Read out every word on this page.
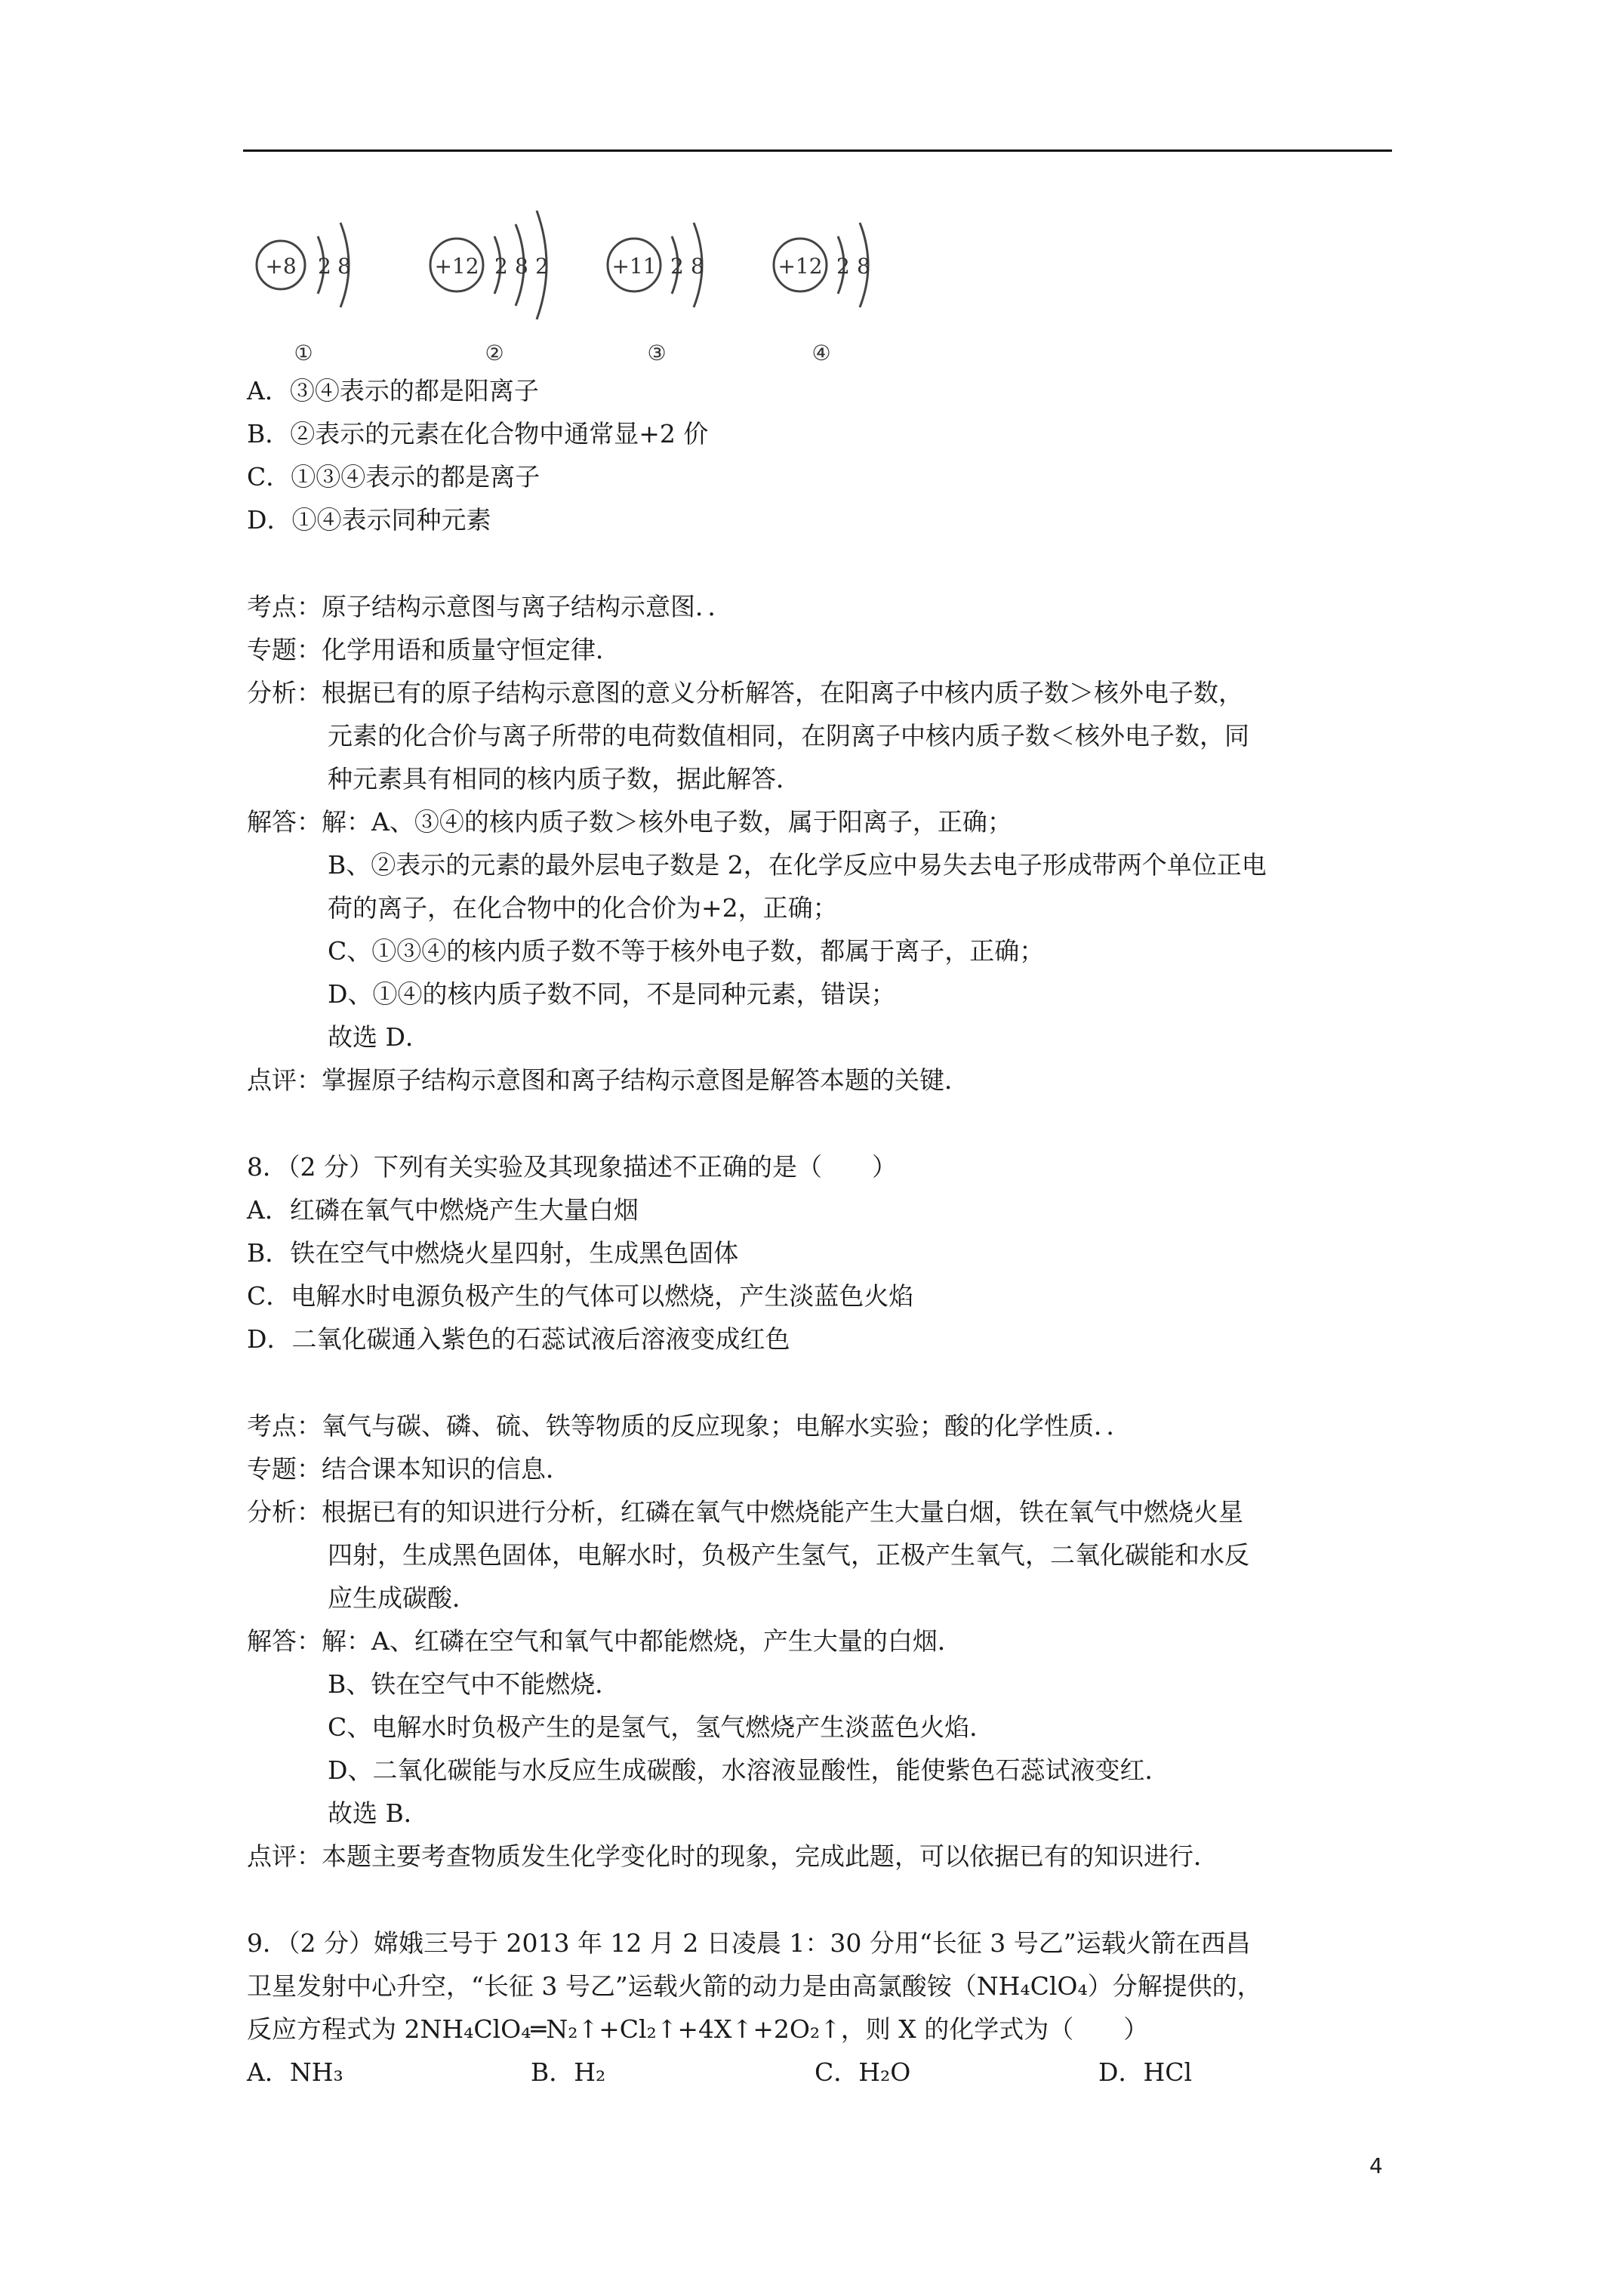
+8 2 8
①
+12 2 8 2
②
+11 2 8
③
+12 2 8
④
A．③④表示的都是阳离子
B．②表示的元素在化合物中通常显+2 价
C．①③④表示的都是离子
D．①④表示同种元素
考点：原子结构示意图与离子结构示意图．．
专题：化学用语和质量守恒定律．
分析：根据已有的原子结构示意图的意义分析解答，在阳离子中核内质子数＞核外电子数，
元素的化合价与离子所带的电荷数值相同，在阴离子中核内质子数＜核外电子数，同
种元素具有相同的核内质子数，据此解答．
解答：解：A、③④的核内质子数＞核外电子数，属于阳离子，正确；
B、②表示的元素的最外层电子数是 2，在化学反应中易失去电子形成带两个单位正电
荷的离子，在化合物中的化合价为+2，正确；
C、①③④的核内质子数不等于核外电子数，都属于离子，正确；
D、①④的核内质子数不同，不是同种元素，错误；
故选 D．
点评：掌握原子结构示意图和离子结构示意图是解答本题的关键．
8．（2 分）下列有关实验及其现象描述不正确的是（　　）
A．红磷在氧气中燃烧产生大量白烟
B．铁在空气中燃烧火星四射，生成黑色固体
C．电解水时电源负极产生的气体可以燃烧，产生淡蓝色火焰
D．二氧化碳通入紫色的石蕊试液后溶液变成红色
考点：氧气与碳、磷、硫、铁等物质的反应现象；电解水实验；酸的化学性质．．
专题：结合课本知识的信息．
分析：根据已有的知识进行分析，红磷在氧气中燃烧能产生大量白烟，铁在氧气中燃烧火星
四射，生成黑色固体，电解水时，负极产生氢气，正极产生氧气，二氧化碳能和水反
应生成碳酸．
解答：解：A、红磷在空气和氧气中都能燃烧，产生大量的白烟．
B、铁在空气中不能燃烧．
C、电解水时负极产生的是氢气，氢气燃烧产生淡蓝色火焰．
D、二氧化碳能与水反应生成碳酸，水溶液显酸性，能使紫色石蕊试液变红．
故选 B．
点评：本题主要考查物质发生化学变化时的现象，完成此题，可以依据已有的知识进行．
9．（2 分）嫦娥三号于 2013 年 12 月 2 日凌晨 1：30 分用“长征 3 号乙”运载火箭在西昌
卫星发射中心升空，“长征 3 号乙”运载火箭的动力是由高氯酸铵（NH₄ClO₄）分解提供的，
反应方程式为 2NH₄ClO₄═N₂↑+Cl₂↑+4X↑+2O₂↑，则 X 的化学式为（　　）
A．NH₃	B．H₂	C．H₂O	D．HCl
4
